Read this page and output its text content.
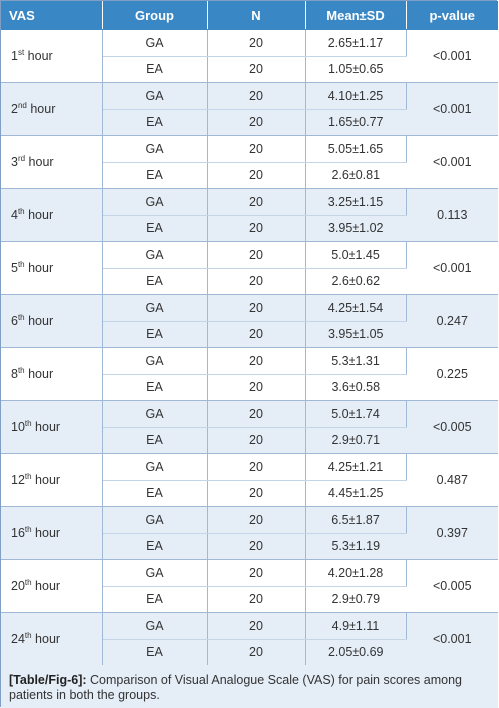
VAS	Group	N	Mean±SD	p-value
1st hour	GA	20	2.65±1.17	<0.001
	EA	20	1.05±0.65	
2nd hour	GA	20	4.10±1.25	<0.001
	EA	20	1.65±0.77	
3rd hour	GA	20	5.05±1.65	<0.001
	EA	20	2.6±0.81	
4th hour	GA	20	3.25±1.15	0.113
	EA	20	3.95±1.02	
5th hour	GA	20	5.0±1.45	<0.001
	EA	20	2.6±0.62	
6th hour	GA	20	4.25±1.54	0.247
	EA	20	3.95±1.05	
8th hour	GA	20	5.3±1.31	0.225
	EA	20	3.6±0.58	
10th hour	GA	20	5.0±1.74	<0.005
	EA	20	2.9±0.71	
12th hour	GA	20	4.25±1.21	0.487
	EA	20	4.45±1.25	
16th hour	GA	20	6.5±1.87	0.397
	EA	20	5.3±1.19	
20th hour	GA	20	4.20±1.28	<0.005
	EA	20	2.9±0.79	
24th hour	GA	20	4.9±1.11	<0.001
	EA	20	2.05±0.69	
[Table/Fig-6]: Comparison of Visual Analogue Scale (VAS) for pain scores among patients in both the groups.
